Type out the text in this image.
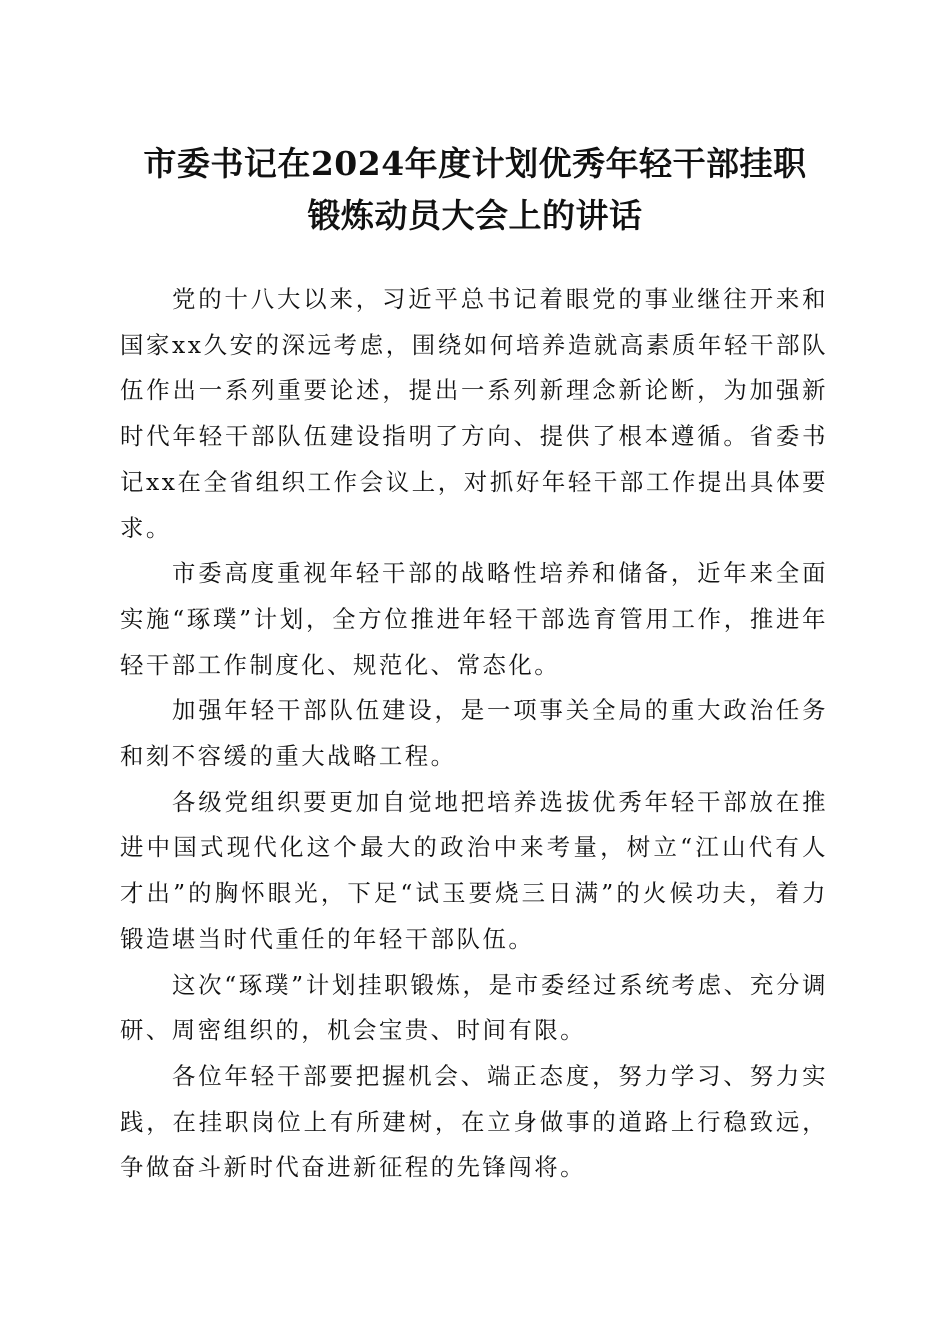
市委书记在2024年度计划优秀年轻干部挂职
锻炼动员大会上的讲话

党的十八大以来，习近平总书记着眼党的事业继往开来和国家xx久安的深远考虑，围绕如何培养造就高素质年轻干部队伍作出一系列重要论述，提出一系列新理念新论断，为加强新时代年轻干部队伍建设指明了方向、提供了根本遵循。省委书记xx在全省组织工作会议上，对抓好年轻干部工作提出具体要求。

市委高度重视年轻干部的战略性培养和储备，近年来全面实施“琢璞”计划，全方位推进年轻干部选育管用工作，推进年轻干部工作制度化、规范化、常态化。

加强年轻干部队伍建设，是一项事关全局的重大政治任务和刻不容缓的重大战略工程。

各级党组织要更加自觉地把培养选拔优秀年轻干部放在推进中国式现代化这个最大的政治中来考量，树立“江山代有人才出”的胸怀眼光，下足“试玉要烧三日满”的火候功夫，着力锻造堪当时代重任的年轻干部队伍。

这次“琢璞”计划挂职锻炼，是市委经过系统考虑、充分调研、周密组织的，机会宝贵、时间有限。

各位年轻干部要把握机会、端正态度，努力学习、努力实践，在挂职岗位上有所建树，在立身做事的道路上行稳致远，争做奋斗新时代奋进新征程的先锋闯将。
